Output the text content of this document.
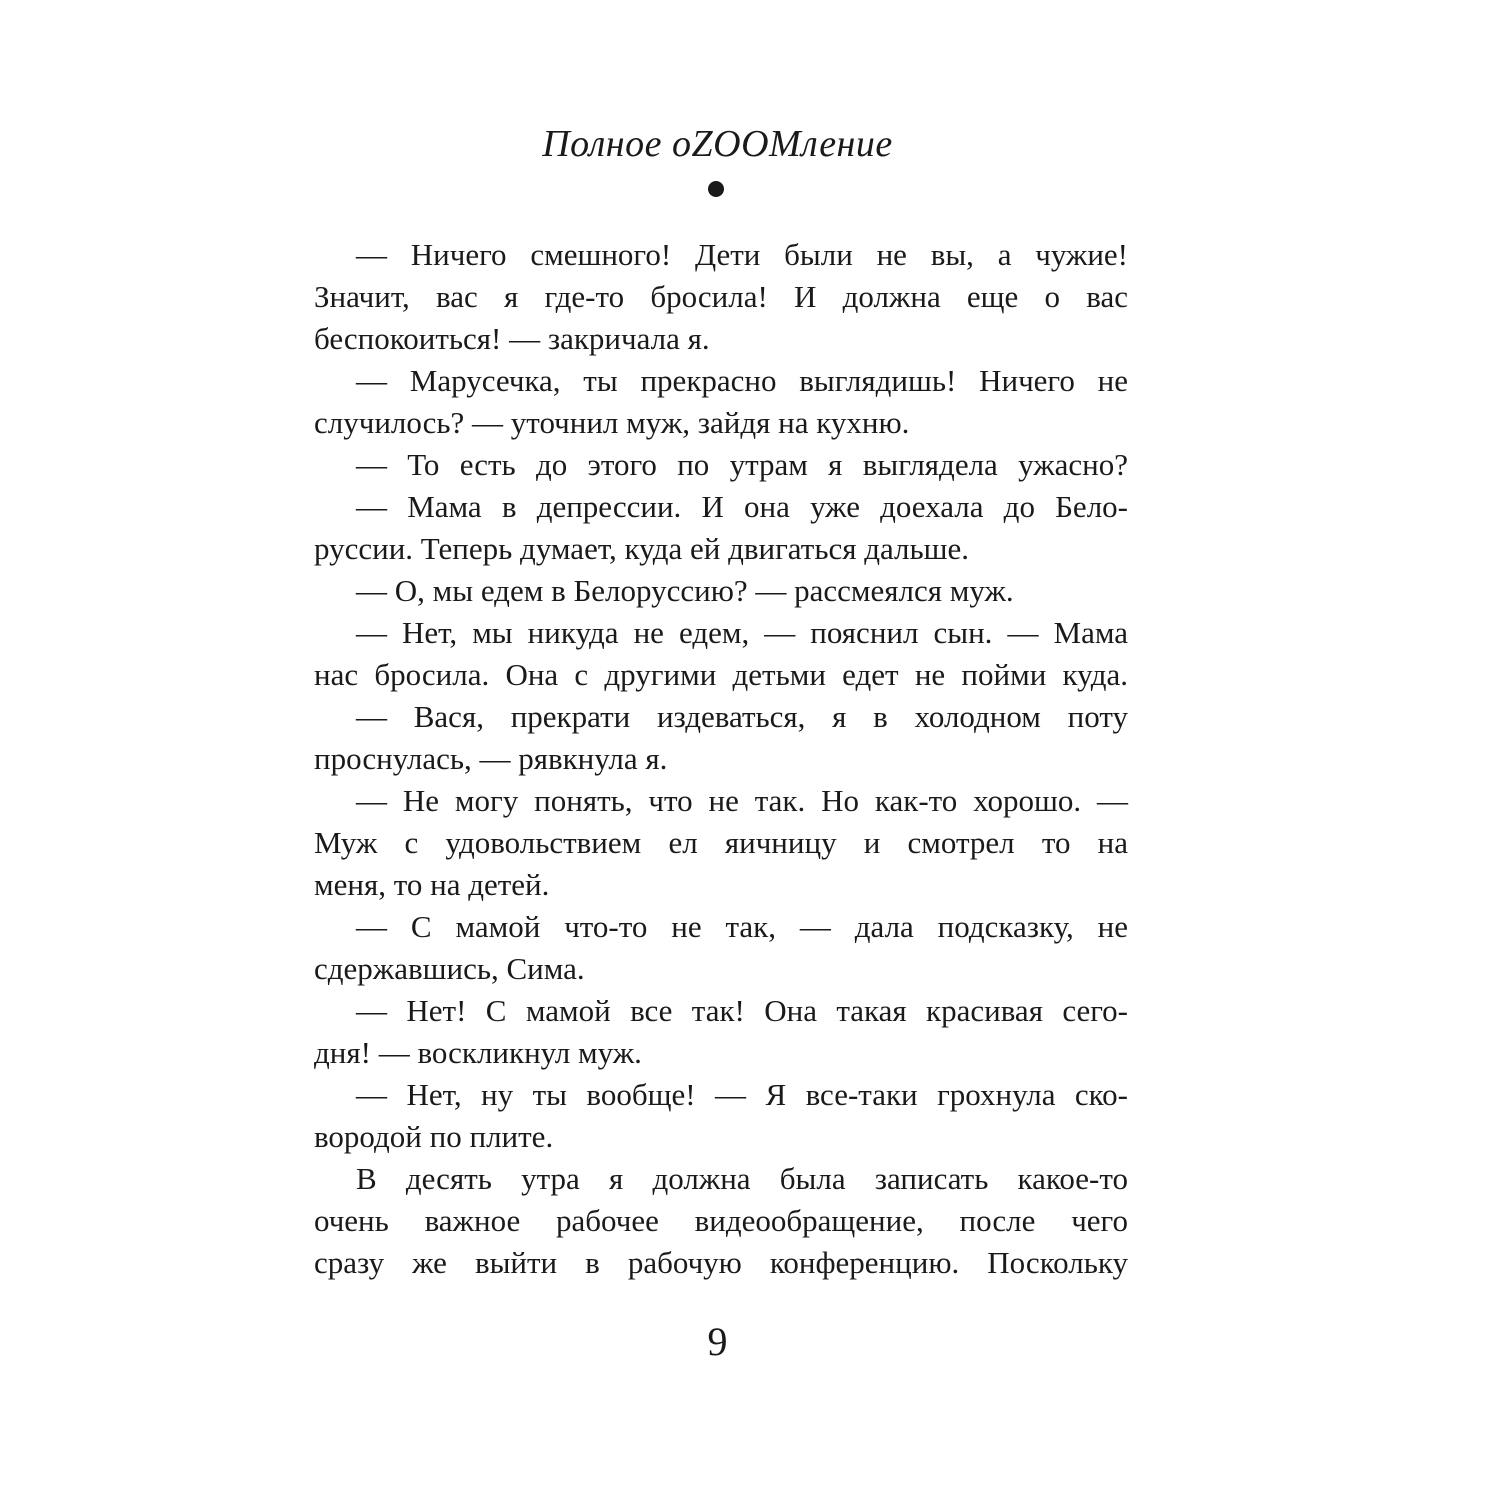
Полное оZOOМление
— Ничего смешного! Дети были не вы, а чужие!
Значит, вас я где-то бросила! И должна еще о вас
беспокоиться! — закричала я.
— Марусечка, ты прекрасно выглядишь! Ничего не
случилось? — уточнил муж, зайдя на кухню.
— То есть до этого по утрам я выглядела ужасно?
— Мама в депрессии. И она уже доехала до Бело-
руссии. Теперь думает, куда ей двигаться дальше.
— О, мы едем в Белоруссию? — рассмеялся муж.
— Нет, мы никуда не едем, — пояснил сын. — Мама
нас бросила. Она с другими детьми едет не пойми куда.
— Вася, прекрати издеваться, я в холодном поту
проснулась, — рявкнула я.
— Не могу понять, что не так. Но как-то хорошо. —
Муж с удовольствием ел яичницу и смотрел то на
меня, то на детей.
— С мамой что-то не так, — дала подсказку, не
сдержавшись, Сима.
— Нет! С мамой все так! Она такая красивая сего-
дня! — воскликнул муж.
— Нет, ну ты вообще! — Я все-таки грохнула ско-
вородой по плите.
В десять утра я должна была записать какое-то
очень важное рабочее видеообращение, после чего
сразу же выйти в рабочую конференцию. Поскольку
9
